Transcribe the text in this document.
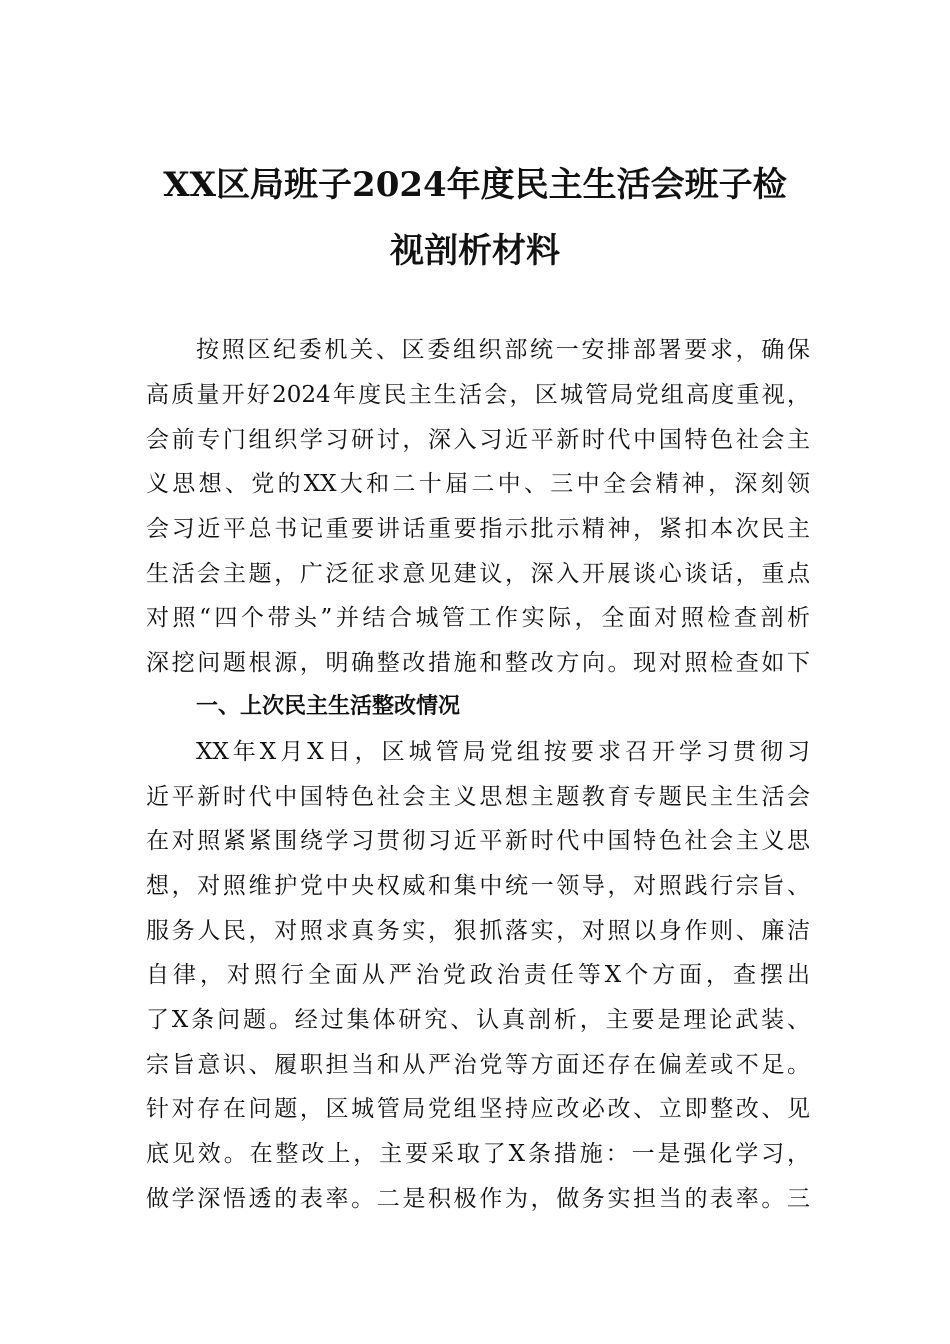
XX区局班子2024年度民主生活会班子检
视剖析材料
按照区纪委机关、区委组织部统一安排部署要求，确保
高质量开好2024年度民主生活会，区城管局党组高度重视，
会前专门组织学习研讨，深入习近平新时代中国特色社会主
义思想、党的XX大和二十届二中、三中全会精神，深刻领
会习近平总书记重要讲话重要指示批示精神，紧扣本次民主
生活会主题，广泛征求意见建议，深入开展谈心谈话，重点
对照“四个带头”并结合城管工作实际，全面对照检查剖析
深挖问题根源，明确整改措施和整改方向。现对照检查如下
一、上次民主生活整改情况
XX年X月X日，区城管局党组按要求召开学习贯彻习
近平新时代中国特色社会主义思想主题教育专题民主生活会
在对照紧紧围绕学习贯彻习近平新时代中国特色社会主义思
想，对照维护党中央权威和集中统一领导，对照践行宗旨、
服务人民，对照求真务实，狠抓落实，对照以身作则、廉洁
自律，对照行全面从严治党政治责任等X个方面，查摆出
了X条问题。经过集体研究、认真剖析，主要是理论武装、
宗旨意识、履职担当和从严治党等方面还存在偏差或不足。
针对存在问题，区城管局党组坚持应改必改、立即整改、见
底见效。在整改上，主要采取了X条措施：一是强化学习，
做学深悟透的表率。二是积极作为，做务实担当的表率。三
